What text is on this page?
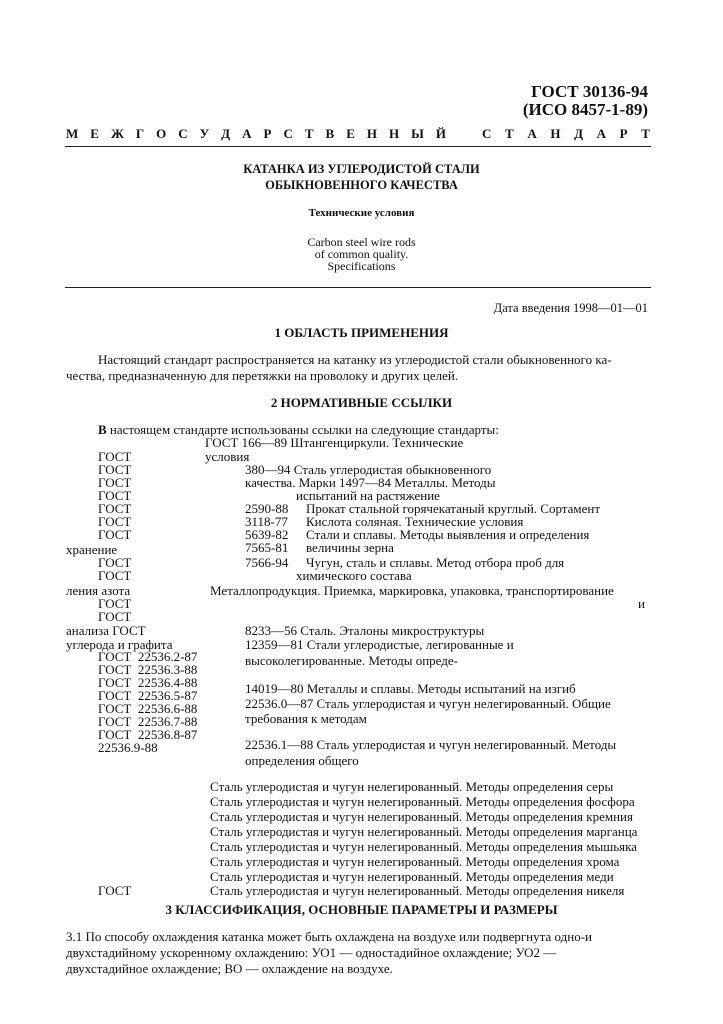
ГОСТ 30136-94
(ИСО 8457-1-89)
М Е Ж Г О С У Д А Р С Т В Е Н Н Ы Й	С Т А Н Д А Р Т
КАТАНКА ИЗ УГЛЕРОДИСТОЙ СТАЛИ
ОБЫКНОВЕННОГО КАЧЕСТВА
Технические условия
Carbon steel wire rods
of common quality.
Specifications
Дата введения 1998—01—01
1 ОБЛАСТЬ ПРИМЕНЕНИЯ
Настоящий стандарт распространяется на катанку из углеродистой стали обыкновенного ка-
чества, предназначенную для перетяжки на проволоку и других целей.
2 НОРМАТИВНЫЕ ССЫЛКИ
В настоящем стандарте использованы ссылки на следующие стандарты:
ГОСТ
ГОСТ
ГОСТ
ГОСТ
ГОСТ
ГОСТ
ГОСТ
хранение
ГОСТ
ГОСТ
ления азота
ГОСТ
ГОСТ
анализа ГОСТ
углерода и графита
ГОСТ  22536.2-87
ГОСТ  22536.3-88
ГОСТ  22536.4-88
ГОСТ  22536.5-87
ГОСТ  22536.6-88
ГОСТ  22536.7-88
ГОСТ  22536.8-87
22536.9-88
ГОСТ 166—89 Штангенциркули. Технические
условия
380—94 Сталь углеродистая обыкновенного
качества. Марки 1497—84 Металлы. Методы
испытаний на растяжение
2590-88 Прокат стальной горячекатаный круглый. Сортамент
3118-77 Кислота соляная. Технические условия
5639-82 Стали и сплавы. Методы выявления и определения
7565-81 величины зерна
7566-94 Чугун, сталь и сплавы. Метод отбора проб для
химического состава
Металлопродукция. Приемка, маркировка, упаковка, транспортирование
и
8233—56 Сталь. Эталоны микроструктуры
12359—81 Стали углеродистые, легированные и
высоколегированные. Методы опреде-
14019—80 Металлы и сплавы. Методы испытаний на изгиб
22536.0—87 Сталь углеродистая и чугун нелегированный. Общие
требования к методам
22536.1—88 Сталь углеродистая и чугун нелегированный. Методы
определения общего
Сталь углеродистая и чугун нелегированный. Методы определения серы
Сталь углеродистая и чугун нелегированный. Методы определения фосфора
Сталь углеродистая и чугун нелегированный. Методы определения кремния
Сталь углеродистая и чугун нелегированный. Методы определения марганца
Сталь углеродистая и чугун нелегированный. Методы определения мышьяка
Сталь углеродистая и чугун нелегированный. Методы определения хрома
Сталь углеродистая и чугун нелегированный. Методы определения меди
ГОСТ	Сталь углеродистая и чугун нелегированный. Методы определения никеля
3 КЛАССИФИКАЦИЯ, ОСНОВНЫЕ ПАРАМЕТРЫ И РАЗМЕРЫ
3.1 По способу охлаждения катанка может быть охлаждена на воздухе или подвергнута одно-и
двухстадийному ускоренному охлаждению: УО1 — одностадийное охлаждение; УО2 —
двухстадийное охлаждение; ВО — охлаждение на воздухе.
